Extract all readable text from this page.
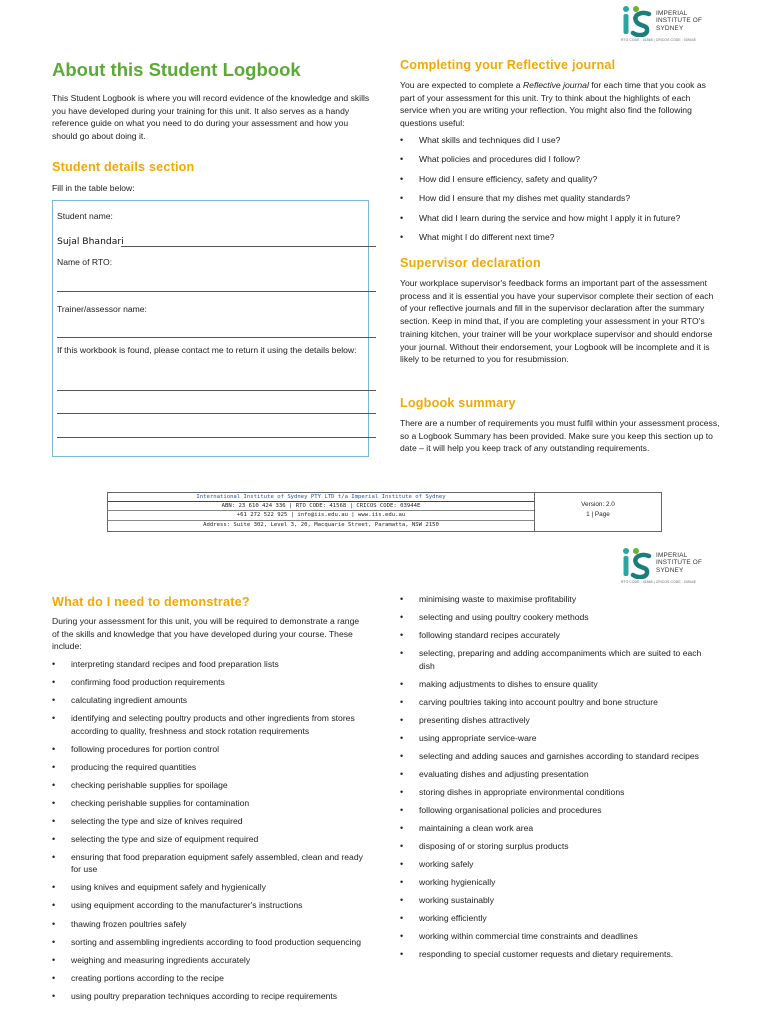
IMPERIAL
INSTITUTE OF
SYDNEY
RTO CODE : 41568 | CRICOS CODE : 03944E
About this Student Logbook

This Student Logbook is where you will record evidence of the knowledge and skills you have developed during your training for this unit. It also serves as a handy reference guide on what you need to do during your assessment and how you should go about doing it.

Student details section

Fill in the table below:

Student name:
Sujal Bhandari
Name of RTO:
Trainer/assessor name:
If this workbook is found, please contact me to return it using the details below:
Completing your Reflective journal

You are expected to complete a Reflective journal for each time that you cook as part of your assessment for this unit. Try to think about the highlights of each service when you are writing your reflection. You might also find the following questions useful:

• What skills and techniques did I use?
• What policies and procedures did I follow?
• How did I ensure efficiency, safety and quality?
• How did I ensure that my dishes met quality standards?
• What did I learn during the service and how might I apply it in future?
• What might I do different next time?
Supervisor declaration

Your workplace supervisor's feedback forms an important part of the assessment process and it is essential you have your supervisor complete their section of each of your reflective journals and fill in the supervisor declaration after the summary section. Keep in mind that, if you are completing your assessment in your RTO's training kitchen, your trainer will be your workplace supervisor and should endorse your journal. Without their endorsement, your Logbook will be incomplete and it is likely to be returned to you for resubmission.

Logbook summary

There are a number of requirements you must fulfil within your assessment process, so a Logbook Summary has been provided. Make sure you keep this section up to date – it will help you keep track of any outstanding requirements.

International Institute of Sydney PTY LTD t/a Imperial Institute of Sydney
ABN: 23 610 424 336 | RTO CODE: 41568 | CRICOS CODE: 03944E
+61 272 522 925 | info@iis.edu.au | www.iis.edu.au
Address: Suite 302, Level 3, 20, Macquarie Street, Paramatta, NSW 2150
Version: 2.0
1 | Page
IMPERIAL
INSTITUTE OF
SYDNEY
RTO CODE : 41568 | CRICOS CODE : 03944E
What do I need to demonstrate?

During your assessment for this unit, you will be required to demonstrate a range of the skills and knowledge that you have developed during your course. These include:

• interpreting standard recipes and food preparation lists
• confirming food production requirements
• calculating ingredient amounts
• identifying and selecting poultry products and other ingredients from stores according to quality, freshness and stock rotation requirements
• following procedures for portion control
• producing the required quantities
• checking perishable supplies for spoilage
• checking perishable supplies for contamination
• selecting the type and size of knives required
• selecting the type and size of equipment required
• ensuring that food preparation equipment safely assembled, clean and ready for use
• using knives and equipment safely and hygienically
• using equipment according to the manufacturer's instructions
• thawing frozen poultries safely
• sorting and assembling ingredients according to food production sequencing
• weighing and measuring ingredients accurately
• creating portions according to the recipe
• using poultry preparation techniques according to recipe requirements
• minimising waste to maximise profitability
• selecting and using poultry cookery methods
• following standard recipes accurately
• selecting, preparing and adding accompaniments which are suited to each dish
• making adjustments to dishes to ensure quality
• carving poultries taking into account poultry and bone structure
• presenting dishes attractively
• using appropriate service-ware
• selecting and adding sauces and garnishes according to standard recipes
• evaluating dishes and adjusting presentation
• storing dishes in appropriate environmental conditions
• following organisational policies and procedures
• maintaining a clean work area
• disposing of or storing surplus products
• working safely
• working hygienically
• working sustainably
• working efficiently
• working within commercial time constraints and deadlines
• responding to special customer requests and dietary requirements.
